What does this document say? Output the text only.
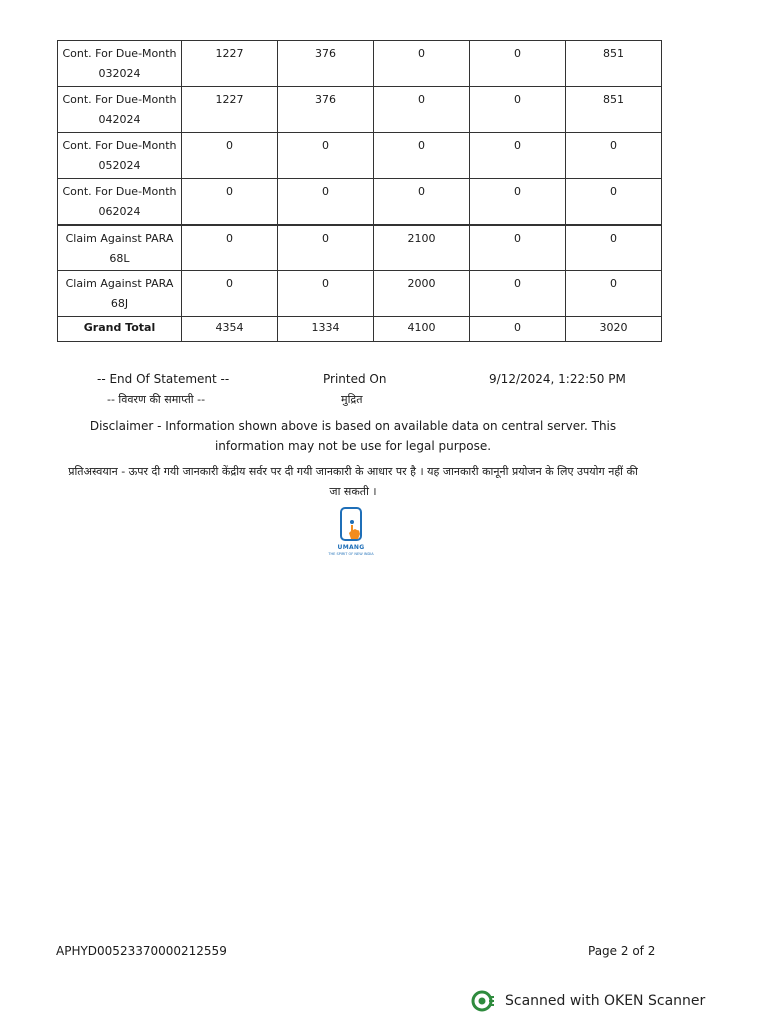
Cont. For Due-Month
032024	1227	376	0	0	851
Cont. For Due-Month
042024	1227	376	0	0	851
Cont. For Due-Month
052024	0	0	0	0	0
Cont. For Due-Month
062024	0	0	0	0	0
Claim Against PARA
68L	0	0	2100	0	0
Claim Against PARA
68J	0	0	2000	0	0
Grand Total	4354	1334	4100	0	3020
-- End Of Statement --
-- विवरण की समाप्ती --
Printed On
मुद्रित
9/12/2024, 1:22:50 PM
Disclaimer - Information shown above is based on available data on central server. This information may not be use for legal purpose.
प्रतिअस्वयान - ऊपर दी गयी जानकारी केंद्रीय सर्वर पर दी गयी जानकारी के आधार पर है । यह जानकारी कानूनी प्रयोजन के लिए उपयोग नहीं की जा सकती ।
UMANG
THE SPIRIT OF NEW INDIA
APHYD00523370000212559	Page 2 of 2
Scanned with OKEN Scanner
